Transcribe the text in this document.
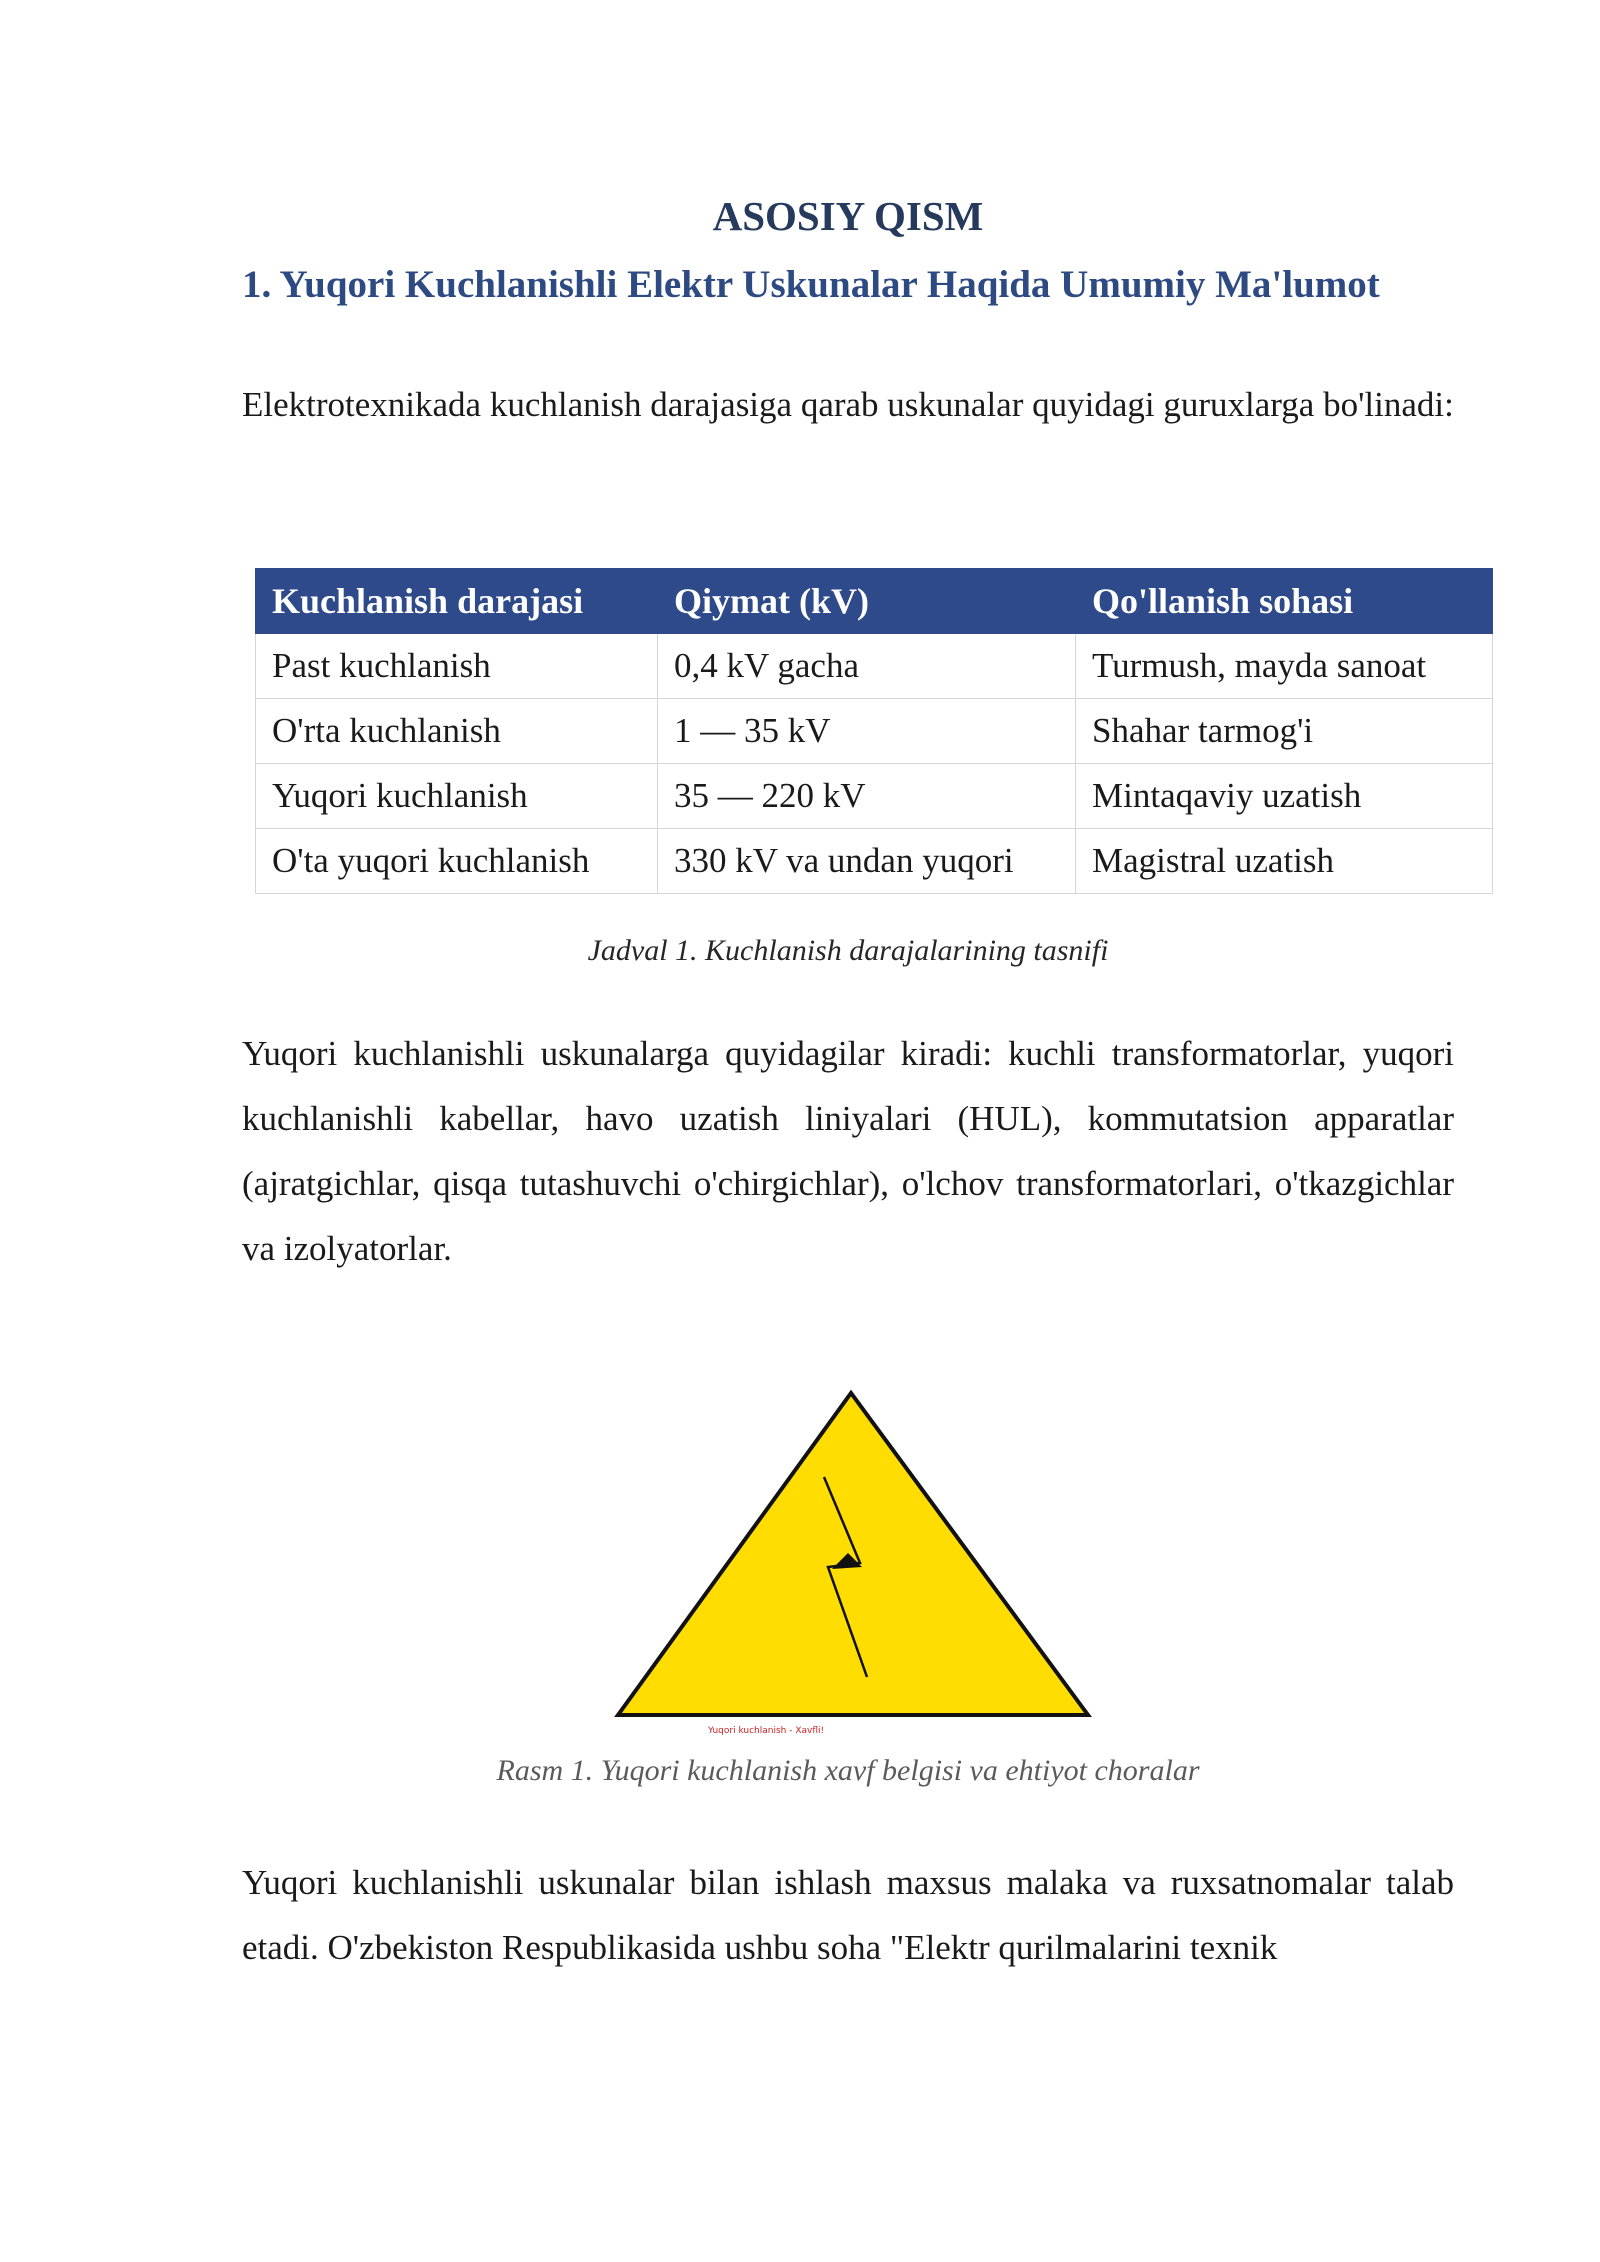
ASOSIY QISM
1. Yuqori Kuchlanishli Elektr Uskunalar Haqida Umumiy Ma'lumot

Elektrotexnikada kuchlanish darajasiga qarab uskunalar quyidagi guruxlarga bo'linadi:

Kuchlanish darajasi	Qiymat (kV)	Qo'llanish sohasi
Past kuchlanish	0,4 kV gacha	Turmush, mayda sanoat
O'rta kuchlanish	1 — 35 kV	Shahar tarmog'i
Yuqori kuchlanish	35 — 220 kV	Mintaqaviy uzatish
O'ta yuqori kuchlanish	330 kV va undan yuqori	Magistral uzatish

Jadval 1. Kuchlanish darajalarining tasnifi

Yuqori kuchlanishli uskunalarga quyidagilar kiradi: kuchli transformatorlar, yuqori kuchlanishli kabellar, havo uzatish liniyalari (HUL), kommutatsion apparatlar (ajratgichlar, qisqa tutashuvchi o'chirgichlar), o'lchov transformatorlari, o'tkazgichlar va izolyatorlar.

Yuqori kuchlanish - Xavfli!

Rasm 1. Yuqori kuchlanish xavf belgisi va ehtiyot choralar

Yuqori kuchlanishli uskunalar bilan ishlash maxsus malaka va ruxsatnomalar talab etadi. O'zbekiston Respublikasida ushbu soha "Elektr qurilmalarini texnik
